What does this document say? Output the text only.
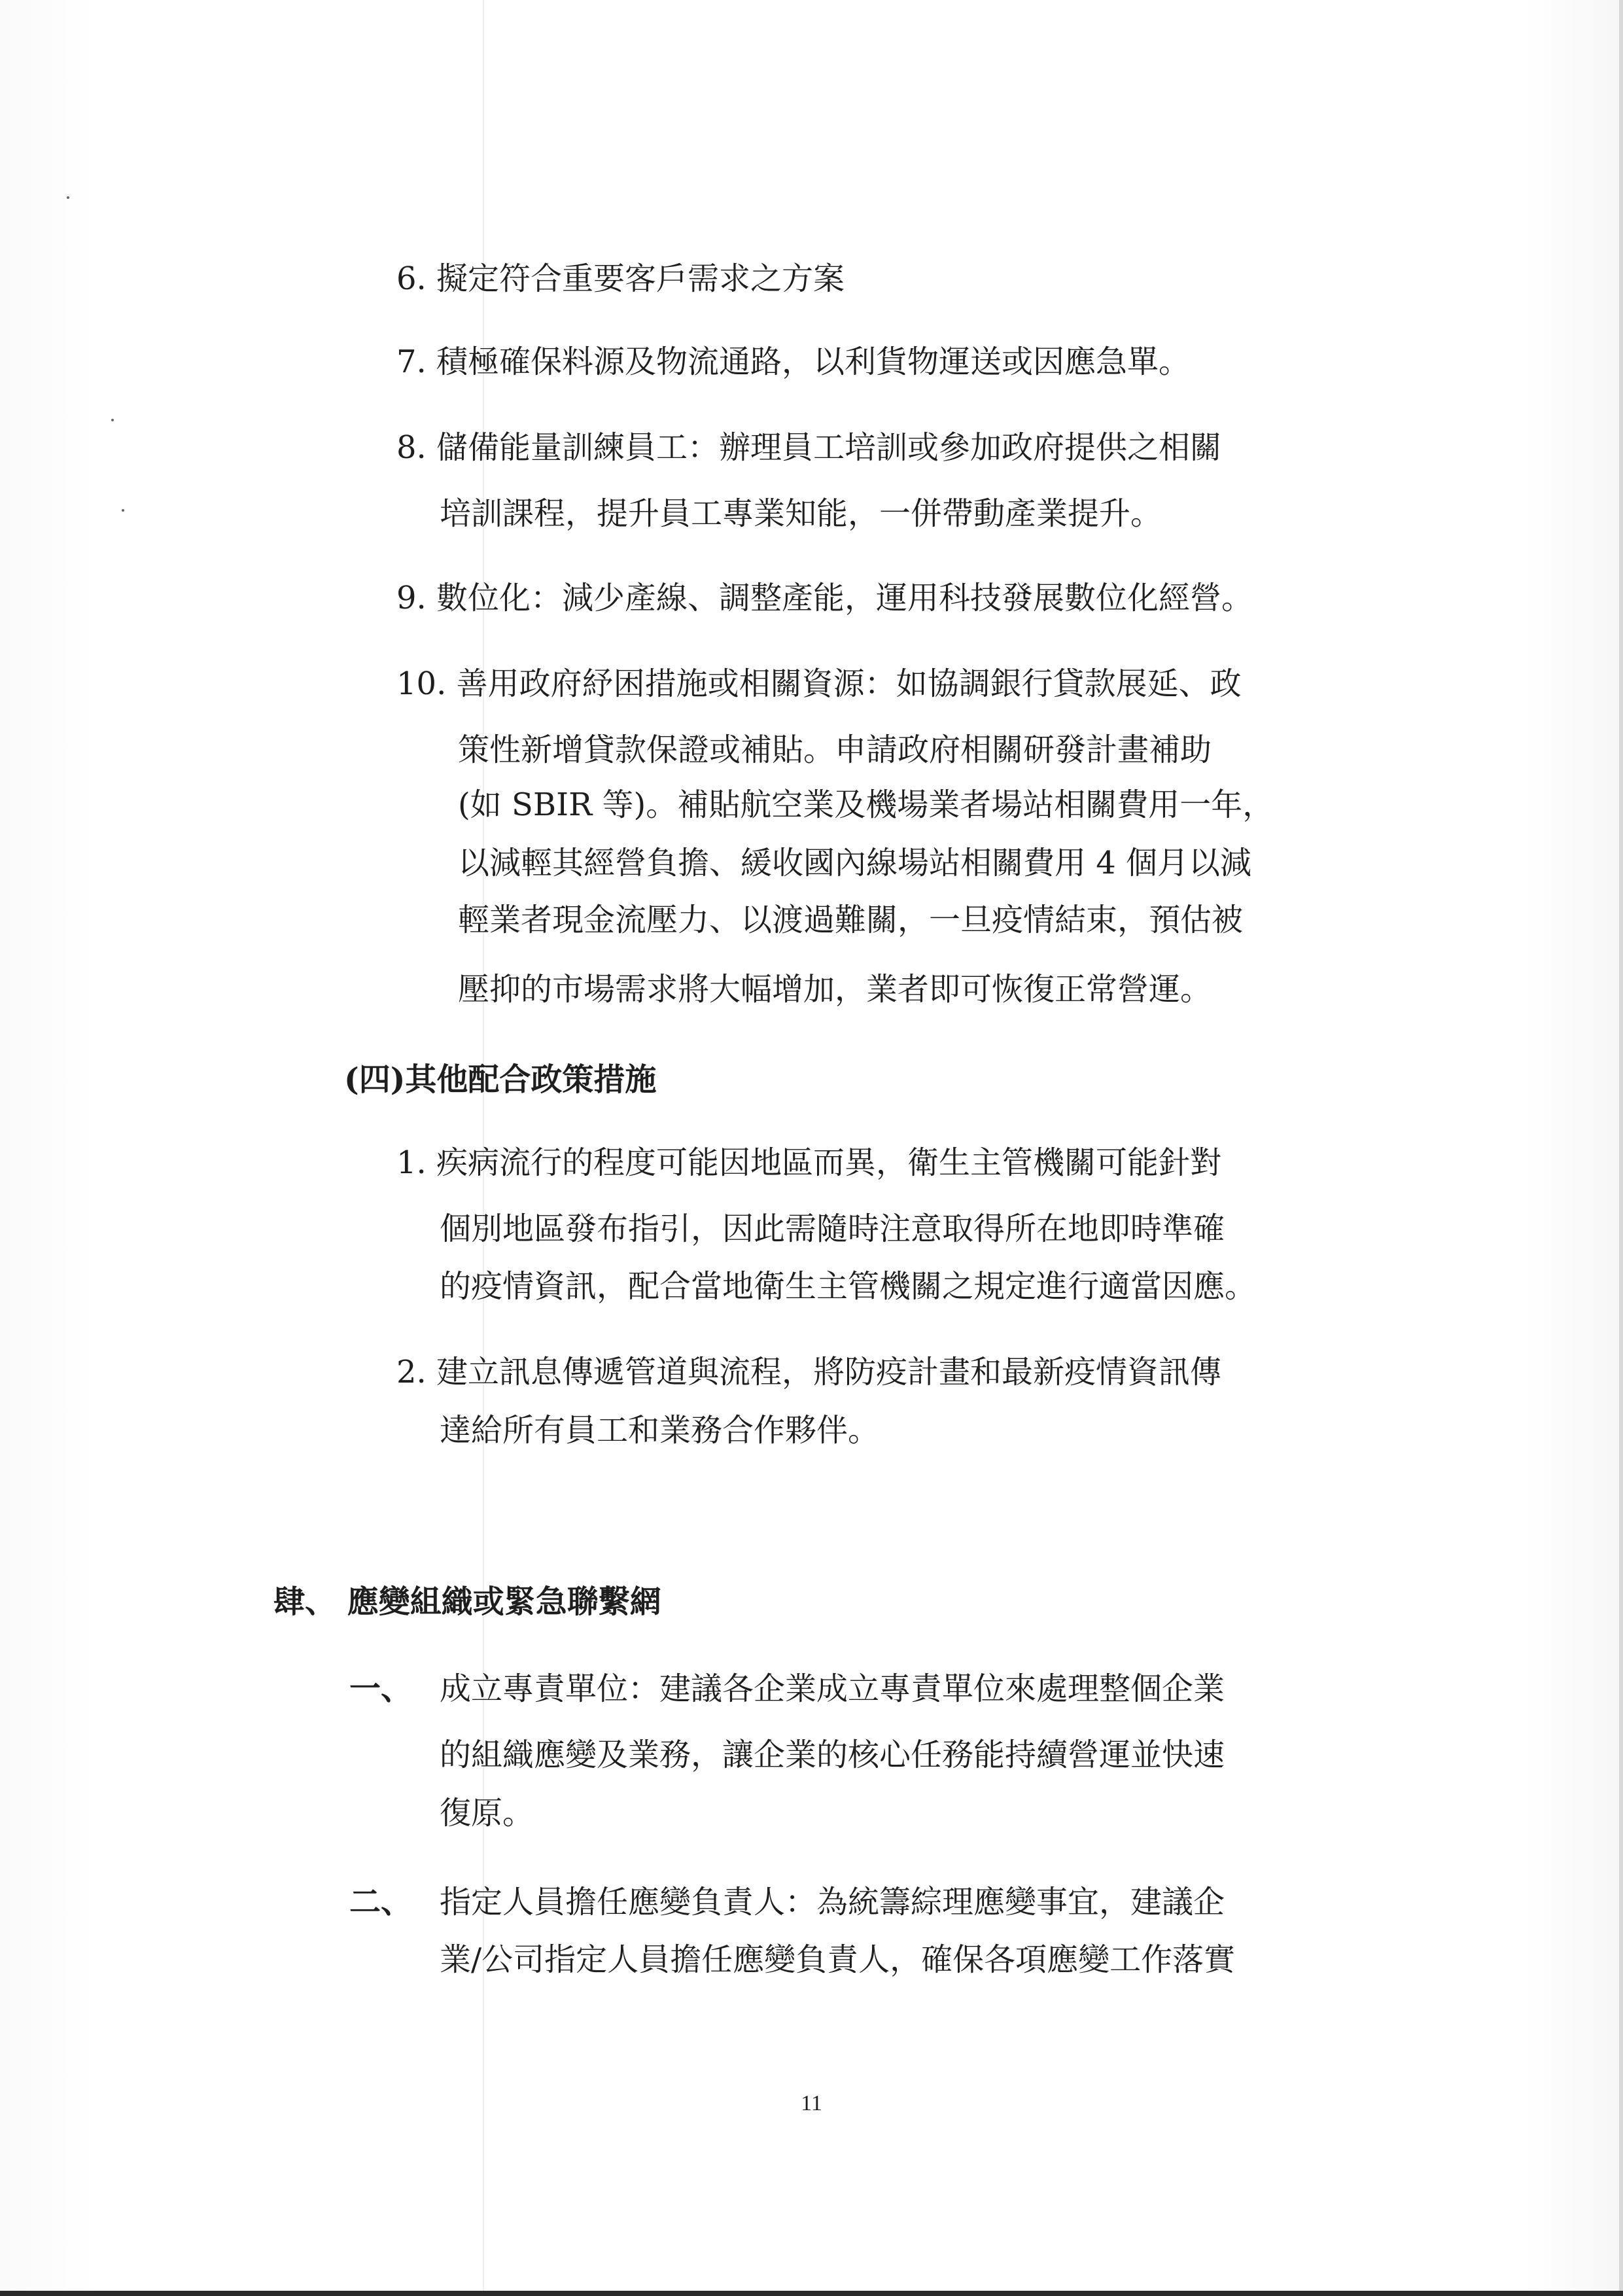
6. 擬定符合重要客戶需求之方案
7. 積極確保料源及物流通路，以利貨物運送或因應急單。
8. 儲備能量訓練員工：辦理員工培訓或參加政府提供之相關
培訓課程，提升員工專業知能，一併帶動產業提升。
9. 數位化：減少產線、調整產能，運用科技發展數位化經營。
10. 善用政府紓困措施或相關資源：如協調銀行貸款展延、政
策性新增貸款保證或補貼。申請政府相關研發計畫補助
(如 SBIR 等)。補貼航空業及機場業者場站相關費用一年，
以減輕其經營負擔、緩收國內線場站相關費用 4 個月以減
輕業者現金流壓力、以渡過難關，一旦疫情結束，預估被
壓抑的市場需求將大幅增加，業者即可恢復正常營運。
(四)其他配合政策措施
1. 疾病流行的程度可能因地區而異，衛生主管機關可能針對
個別地區發布指引，因此需隨時注意取得所在地即時準確
的疫情資訊，配合當地衛生主管機關之規定進行適當因應。
2. 建立訊息傳遞管道與流程，將防疫計畫和最新疫情資訊傳
達給所有員工和業務合作夥伴。
肆、 應變組織或緊急聯繫網
一、 成立專責單位：建議各企業成立專責單位來處理整個企業
的組織應變及業務，讓企業的核心任務能持續營運並快速
復原。
二、 指定人員擔任應變負責人：為統籌綜理應變事宜，建議企
業/公司指定人員擔任應變負責人，確保各項應變工作落實
11
